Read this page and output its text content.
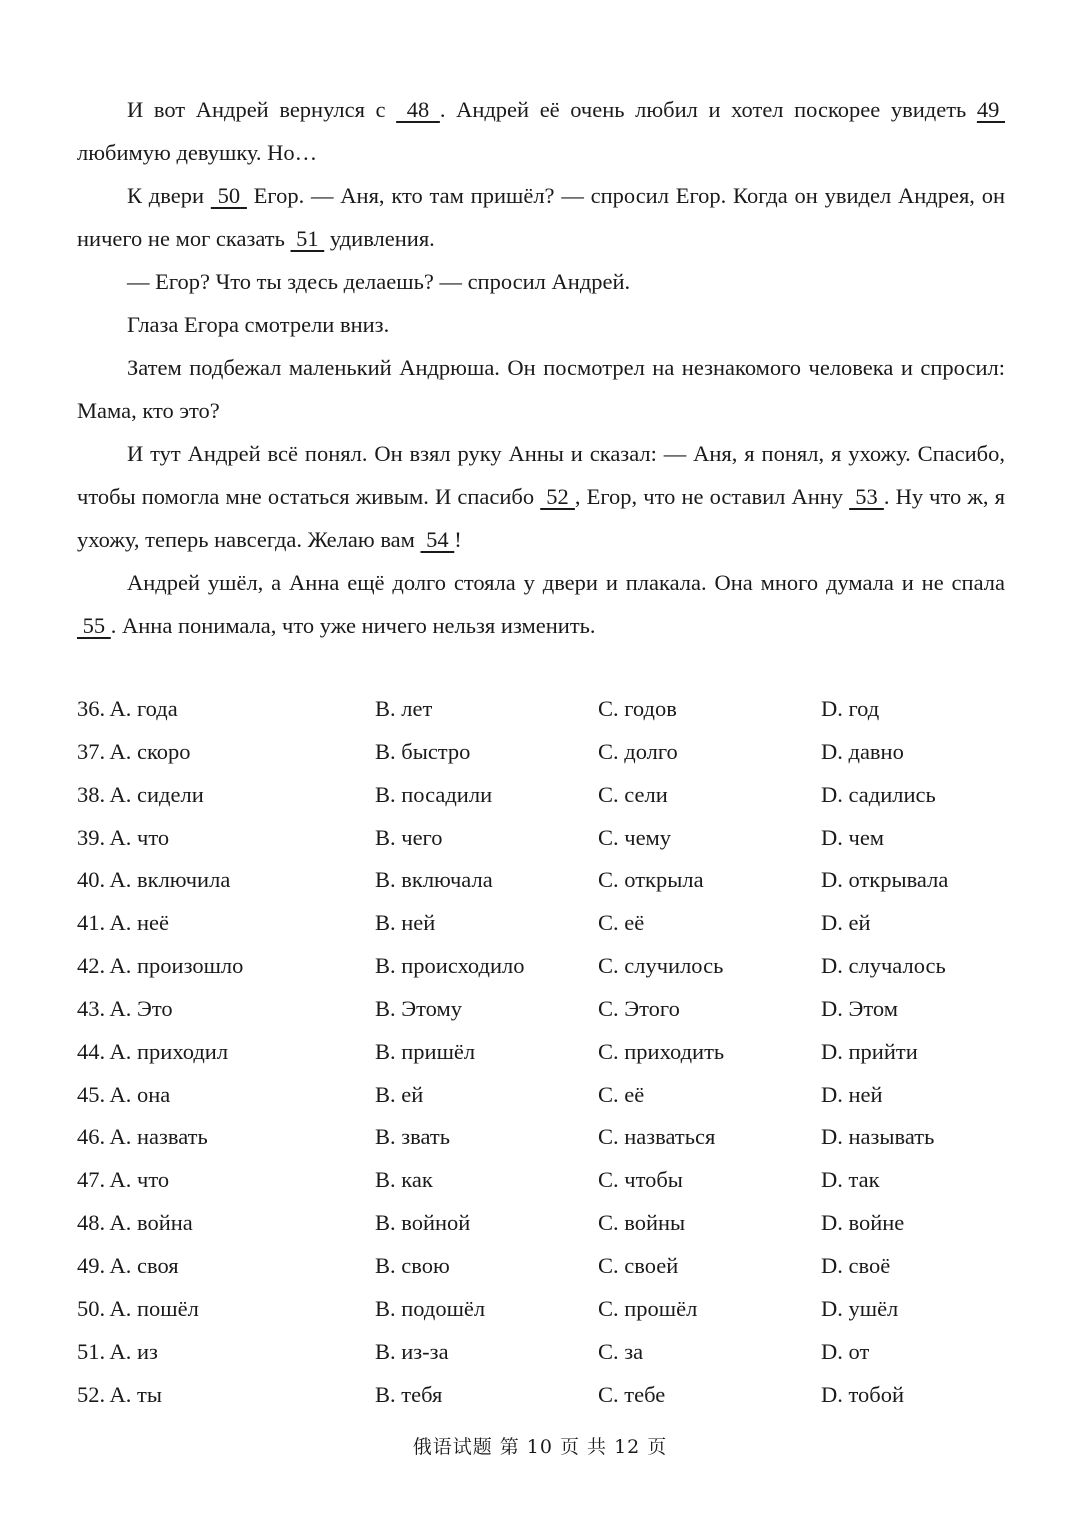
И вот Андрей вернулся с  48 . Андрей её очень любил и хотел поскорее увидеть 49  любимую девушку. Но…

К двери  50  Егор. — Аня, кто там пришёл? — спросил Егор. Когда он увидел Андрея, он ничего не мог сказать  51  удивления.

— Егор? Что ты здесь делаешь? — спросил Андрей.

Глаза Егора смотрели вниз.

Затем подбежал маленький Андрюша. Он посмотрел на незнакомого человека и спросил: Мама, кто это?

И тут Андрей всё понял. Он взял руку Анны и сказал: — Аня, я понял, я ухожу. Спасибо, чтобы помогла мне остаться живым. И спасибо  52 , Егор, что не оставил Анну  53 . Ну что ж, я ухожу, теперь навсегда. Желаю вам  54 !

Андрей ушёл, а Анна ещё долго стояла у двери и плакала. Она много думала и не спала  55 . Анна понимала, что уже ничего нельзя изменить.

36. A. года	B. лет	C. годов	D. год
37. A. скоро	B. быстро	C. долго	D. давно
38. A. сидели	B. посадили	C. сели	D. садились
39. A. что	B. чего	C. чему	D. чем
40. A. включила	B. включала	C. открыла	D. открывала
41. A. неё	B. ней	C. её	D. ей
42. A. произошло	B. происходило	C. случилось	D. случалось
43. A. Это	B. Этому	C. Этого	D. Этом
44. A. приходил	B. пришёл	C. приходить	D. прийти
45. A. она	B. ей	C. её	D. ней
46. A. назвать	B. звать	C. назваться	D. называть
47. A. что	B. как	C. чтобы	D. так
48. A. война	B. войной	C. войны	D. войне
49. A. своя	B. свою	C. своей	D. своё
50. A. пошёл	B. подошёл	C. прошёл	D. ушёл
51. A. из	B. из-за	C. за	D. от
52. A. ты	B. тебя	C. тебе	D. тобой
俄语试题 第 10 页 共 12 页
